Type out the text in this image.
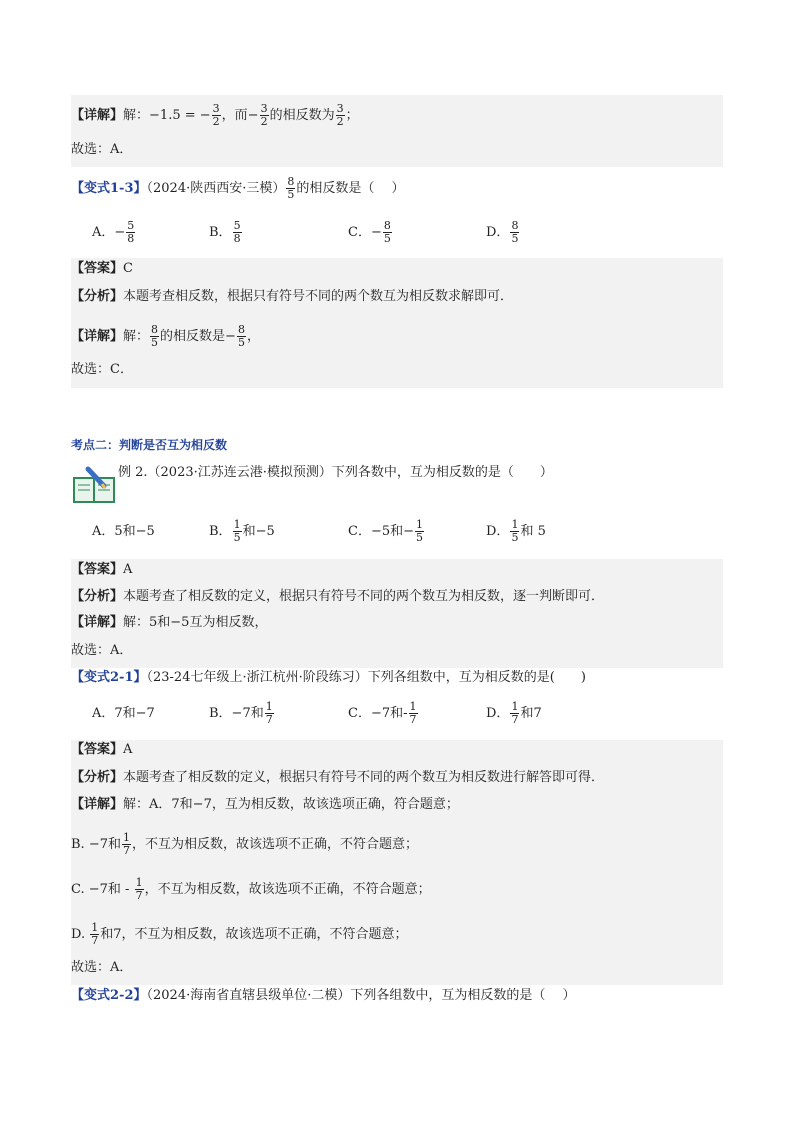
【详解】解：−1.5 = − $\frac{3}{2}$ ，而− $\frac{3}{2}$ 的相反数为 $\frac{3}{2}$ ；
故选：A．
【变式1-3】（2024·陕西西安·三模） $\frac{8}{5}$ 的相反数是（　 ）
A．− $\frac{5}{8}$	B． $\frac{5}{8}$	C．− $\frac{8}{5}$	D． $\frac{8}{5}$
【答案】C
【分析】本题考查相反数，根据只有符号不同的两个数互为相反数求解即可．
【详解】解： $\frac{8}{5}$ 的相反数是− $\frac{8}{5}$ ，
故选：C．
考点二：判断是否互为相反数
例 2.（2023·江苏连云港·模拟预测）下列各数中，互为相反数的是（　　）
A．5和−5	B． $\frac{1}{5}$ 和−5	C．−5和− $\frac{1}{5}$	D． $\frac{1}{5}$ 和 5
【答案】A
【分析】本题考查了相反数的定义，根据只有符号不同的两个数互为相反数，逐一判断即可．
【详解】解：5和−5互为相反数，
故选：A．
【变式2-1】（23-24七年级上·浙江杭州·阶段练习）下列各组数中，互为相反数的是(　　)
A．7和−7	B．−7和 $\frac{1}{7}$	C．−7和- $\frac{1}{7}$	D． $\frac{1}{7}$ 和7
【答案】A
【分析】本题考查了相反数的定义，根据只有符号不同的两个数互为相反数进行解答即可得．
【详解】解：A．7和−7，互为相反数，故该选项正确，符合题意；
B. −7和 $\frac{1}{7}$ ，不互为相反数，故该选项不正确，不符合题意；
C. −7和 - $\frac{1}{7}$ ，不互为相反数，故该选项不正确，不符合题意；
D. $\frac{1}{7}$ 和7，不互为相反数，故该选项不正确，不符合题意；
故选：A．
【变式2-2】（2024·海南省直辖县级单位·二模）下列各组数中，互为相反数的是（　 ）
